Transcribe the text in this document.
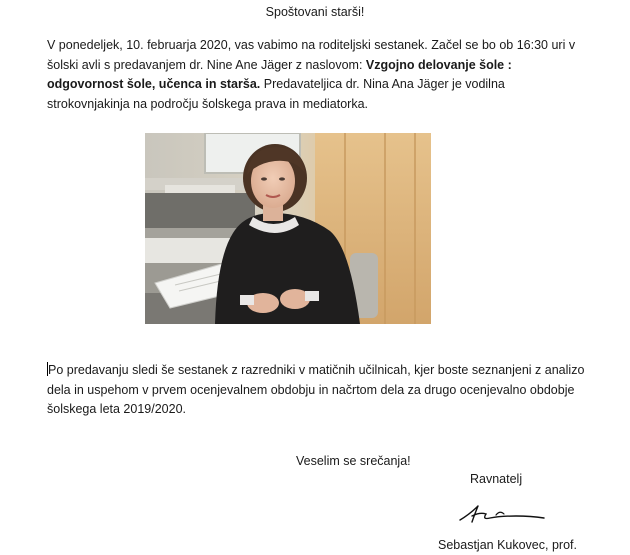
Spoštovani starši!
V ponedeljek, 10. februarja 2020, vas vabimo na roditeljski sestanek. Začel se bo ob 16:30 uri v šolski avli s predavanjem dr. Nine Ane Jäger z naslovom: Vzgojno delovanje šole : odgovornost šole, učenca in starša. Predavateljica dr. Nina Ana Jäger je vodilna strokovnjakinja na področju šolskega prava in mediatorka.
Po predavanju sledi še sestanek z razredniki v matičnih učilnicah, kjer boste seznanjeni z analizo dela in uspehom v prvem ocenjevalnem obdobju in načrtom dela za drugo ocenjevalno obdobje šolskega leta 2019/2020.
Veselim se srečanja!
Ravnatelj
Sebastjan Kukovec, prof.
